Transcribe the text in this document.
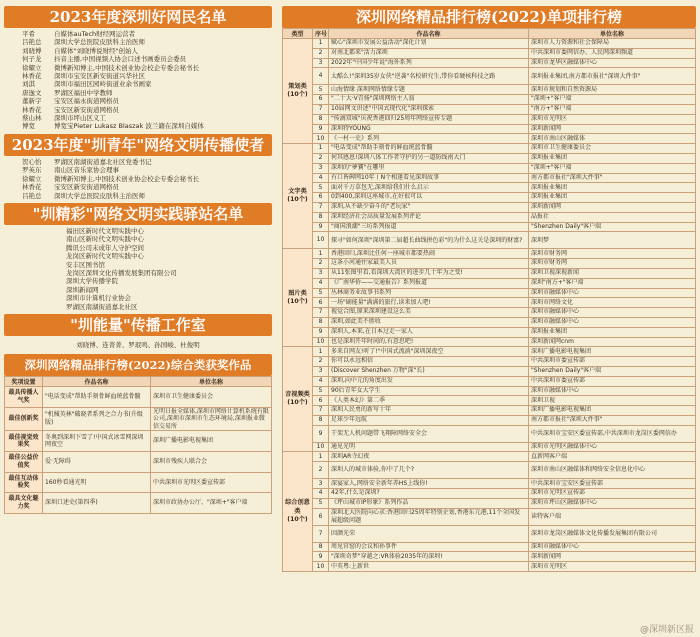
2023年度深圳好网民名单
平希	自媒体auTech财经网运营者
吕艳总 深圳大学总医院皮肤科主治医师
刘晓博 自媒体"刘晓博说财经"创始人
何子龙 抖音主播,中国视频人协会口述书画委员会委员
徐耀立 微博新知博主,中国技术创业协会校企专委会秘书长
林香花 深圳市宝安区新安街道兴华社区
刘淇	深圳市福田区园岭街道业余书画家
唐逸文 罗湖区福田中学教师
董新宇 宝安区福永街道网格员
林香花 宝安区新安街道网格员
蔡山林 深圳市坪山区义工
博宽	博宽宝Pieter Lukasz Blaszak 波兰籍在深圳自媒体
2023年度"圳青年"网络文明传播使者
贺心怡 罗湖区南湖街道嘉北社区党委书记
罗英东 南山区音乐家协会理事
徐耀立 微博新知博主,中国技术创业协会校企专委会秘书长
林香花 宝安区新安街道网格员
吕艳总 深圳大学总医院皮肤科主治医师
"圳精彩"网络文明实践驿站名单
福田区新时代文明实践中心
南山区新时代文明实践中心
腾讯公司未成年人守护空间
龙岗区新时代文明实践中心
安丰区图书馆
龙岗区深圳文化传播发展集团有限公司
深圳大学传播学院
深圳新闻网
深圳市计算机行业协会
罗湖区南湖街道嘉北社区
"圳能量"传播工作室
刘晓博、连菁菁、罗珉鸣、孙国峻、杜俊明
深圳网络精品排行榜(2022)综合类获奖作品
奖项设置	作品名称	单位名称
最具传播人气奖	"电话变成"帮助手刻骨鲜血统蓝骨髓	深圳市卫生健康委员会
最佳创新奖	"机械英林"破晓者系列之合力书(升级版)	光明日报全媒体,深圳市网络计算机系统有限公司,深圳市深圳市生态环境局,深圳报业微信交易所
最佳视觉效果奖	冬奥到深圳下雪了!中国式冰雪网深圳网夜空	深圳广播电影电视集团
最佳公益价值奖	爱·无障碍	深圳市残疾人联合会
最佳互动体验奖	160秒看通光明	中共深圳市光明区委宣传部
最具文化魅力奖	深圳口述史(第四季)	深圳市政协办公厅、"深圳+"客户端
深圳网络精品排行榜(2022)单项排行榜
类型	序号	作品名称	单位名称

策划类
(10个)	1	赋心"深圳市发展公益活动"深化计划	深圳市人力资源和社会保障局
	2	对南北都来"活力深圳	中共深圳市委网信办、人民网深圳频道
	3	2022年"中国少年说"海外系列	深圳市龙华区融媒体中心
	4	太酷么!"深圳35岁女侠"逆袭"名校研究生,带你看硬核科技之路	深圳报业集团,南方都市报社"深圳大件事"
	5	山海情缘 深圳网络情缘专题	深圳市规划和自然资源局
	6	"二十大·V青扬"深圳网络主人翁	"深圳+"客户端
	7	10届网文讲述"中国式现代化"深圳探索	"南方+"客户端
	8	"传滴双城"庆祝香港回归25周年网络宣传专题	深圳市光明区
	9	深圳特YOUNG	深圳新闻网
	10	《一村一史》系列	深圳市南山区融媒体

文字类
(10个)	1	"电话变成"帮助手刻骨的鲜血统蓝骨髓	深圳市卫生健康委员会
	2	何其感恩!深圳八体工作者守护的另一道防线南大门	深圳报业集团
	3	深圳的"夢寶"在哪里	"深圳+"客户端
	4	有口皆碑网10年丨N个相逢看见深圳故事	南方都市报社"深圳大件事"
	5	面对千万草包无,深圳给我们什么启示	深圳报业集团
	6	0到400,深圳这座城市,在好很可以	深圳报业集团
	7	深圳,从不缺少奋斗的"老玩家"	深圳新闻网
	8	深圳经济社会高质量发展系列评论	晶报社
	9	"商国浪潮"三坊系列报道	"Shenzhen Daily"客户端
	10	探寻"如何深圳"深圳第二届超长曲线拼色彩"的为什么这关是深圳的财富?	深圳梦

图片类
(10个)	1	香港回归,深圳比任何一座城市都要热闹	深圳市财务网
	2	这条小河通往家最美人员	深圳市财务网
	3	从11张图里看,看深圳大湾区的进步几十年为之变!	深圳卫视深视新闻
	4	《广南华侨——交通报告》系列报道	深圳"南方+"客户端
	5	丛林商务业故事书系列	深圳市融媒体中心
	6	一场"刷能量"满满的旅行,读来加人吧!	深圳市网络文化
	7	视觉合图,原来深圳建设这么美	深圳市融媒体中心
	8	深圳,如此美不胜收	深圳市融媒体中心
	9	深圳人,本来,在日本过走一家人	深圳报业集团
	10	也是深圳开年时间的,有意思吧!	深圳新闻网cnm

音视频类
(10个)	1	多来自网友!听了!"中国式流淌"深圳深夜空	深圳广播电影电视集团
	2	你可以永远相信	中共深圳市委宣传部
	3	(Discover Shenzhen 万物"深"长)	"Shenzhen Daily"客户端
	4	深圳,向中元的角度出发	中共深圳市委宣传部
	5	90后青年女大学生	深圳市融媒体中心
	6	《人类本幻》第二季	深圳卫视
	7	深圳人民勇的新写十年	深圳广播电影电视集团
	8	足球少年远航	南方都市报社"深圳大件事"
	9	干架无人机问题带飞翔障网络安全会	中共深圳市宝安区委宣传部,中共深圳市龙岗区委网信办
	10	通见光明	深圳市光明区融媒体中心

综合创意类
(10个)	1	深圳AR寺幻夜	直新网客户端
	2	深圳人的城市体验,你中了几个?	深圳市南山区融媒体和网络安全信息化中心
	3	深宴家人,网络安全新年养HS上线你!	中共深圳市宝安区委宣传部
	4	42年,什么是深圳?	深圳市光明区宣传部
	5	《坪山城市IP形象》系列作品	深圳市坪山区融媒体中心
	6	深圳北大医院向心求:香港回归25周年特别企划,香港东元港,11个全国发展超级问题	读特客户端
	7	因颜光荣	深圳市龙岗区融媒体文化传播发展集团有限公司
	8	周见官窑的会议和孙事件	深圳市融媒体中心
	9	"深圳奇梦"穿越之:VR体验2035年的深圳!	深圳新闻网
	10	中英粤:上新世	深圳市光明区
@深圳新区报
